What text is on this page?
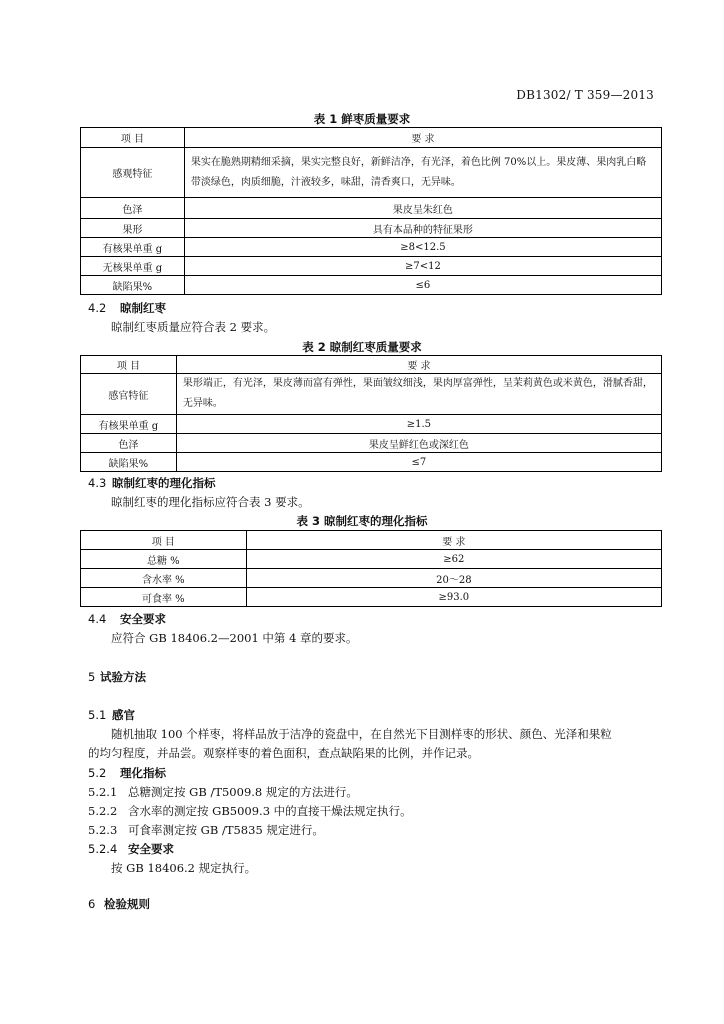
DB1302/ T 359—2013
表 1 鲜枣质量要求
项 目	要 求
感观特征	果实在脆熟期精细采摘，果实完整良好，新鲜洁净，有光泽，着色比例 70%以上。果皮薄、果肉乳白略带淡绿色，肉质细脆，汁液较多，味甜，清香爽口，无异味。
色泽	果皮呈朱红色
果形	具有本品种的特征果形
有核果单重 g	≥8<12.5
无核果单重 g	≥7<12
缺陷果%	≤6
4.2 晾制红枣
晾制红枣质量应符合表 2 要求。
表 2 晾制红枣质量要求
项 目	要 求
感官特征	果形端正，有光泽，果皮薄而富有弹性，果面皱纹细浅，果肉厚富弹性，呈茉莉黄色或米黄色，滑腻香甜，无异味。
有核果单重 g	≥1.5
色泽	果皮呈鲜红色或深红色
缺陷果%	≤7
4.3 晾制红枣的理化指标
晾制红枣的理化指标应符合表 3 要求。
表 3 晾制红枣的理化指标
项 目	要 求
总糖 %	≥62
含水率 %	20～28
可食率 %	≥93.0
4.4 安全要求
应符合 GB 18406.2—2001 中第 4 章的要求。
5 试验方法
5.1 感官
随机抽取 100 个样枣，将样品放于洁净的瓷盘中，在自然光下目测样枣的形状、颜色、光泽和果粒
的均匀程度，并品尝。观察样枣的着色面积，查点缺陷果的比例，并作记录。
5.2 理化指标
5.2.1 总糖测定按 GB /T5009.8 规定的方法进行。
5.2.2 含水率的测定按 GB5009.3 中的直接干燥法规定执行。
5.2.3 可食率测定按 GB /T5835 规定进行。
5.2.4 安全要求
按 GB 18406.2 规定执行。
6 检验规则
